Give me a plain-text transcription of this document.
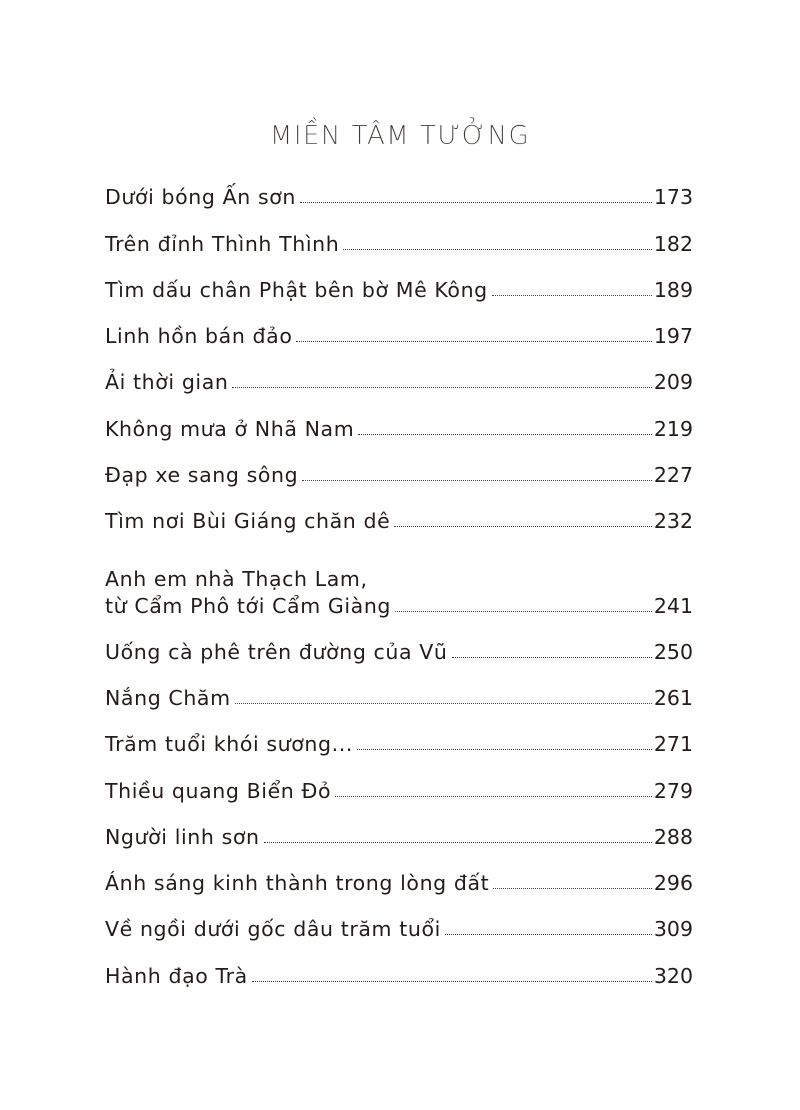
MIỀN TÂM TƯỞNG
Dưới bóng Ấn sơn	173
Trên đỉnh Thình Thình	182
Tìm dấu chân Phật bên bờ Mê Kông	189
Linh hồn bán đảo	197
Ải thời gian	209
Không mưa ở Nhã Nam	219
Đạp xe sang sông	227
Tìm nơi Bùi Giáng chăn dê	232
Anh em nhà Thạch Lam,
từ Cẩm Phô tới Cẩm Giàng	241
Uống cà phê trên đường của Vũ	250
Nắng Chăm	261
Trăm tuổi khói sương...	271
Thiều quang Biển Đỏ	279
Người linh sơn	288
Ánh sáng kinh thành trong lòng đất	296
Về ngồi dưới gốc dâu trăm tuổi	309
Hành đạo Trà	320
